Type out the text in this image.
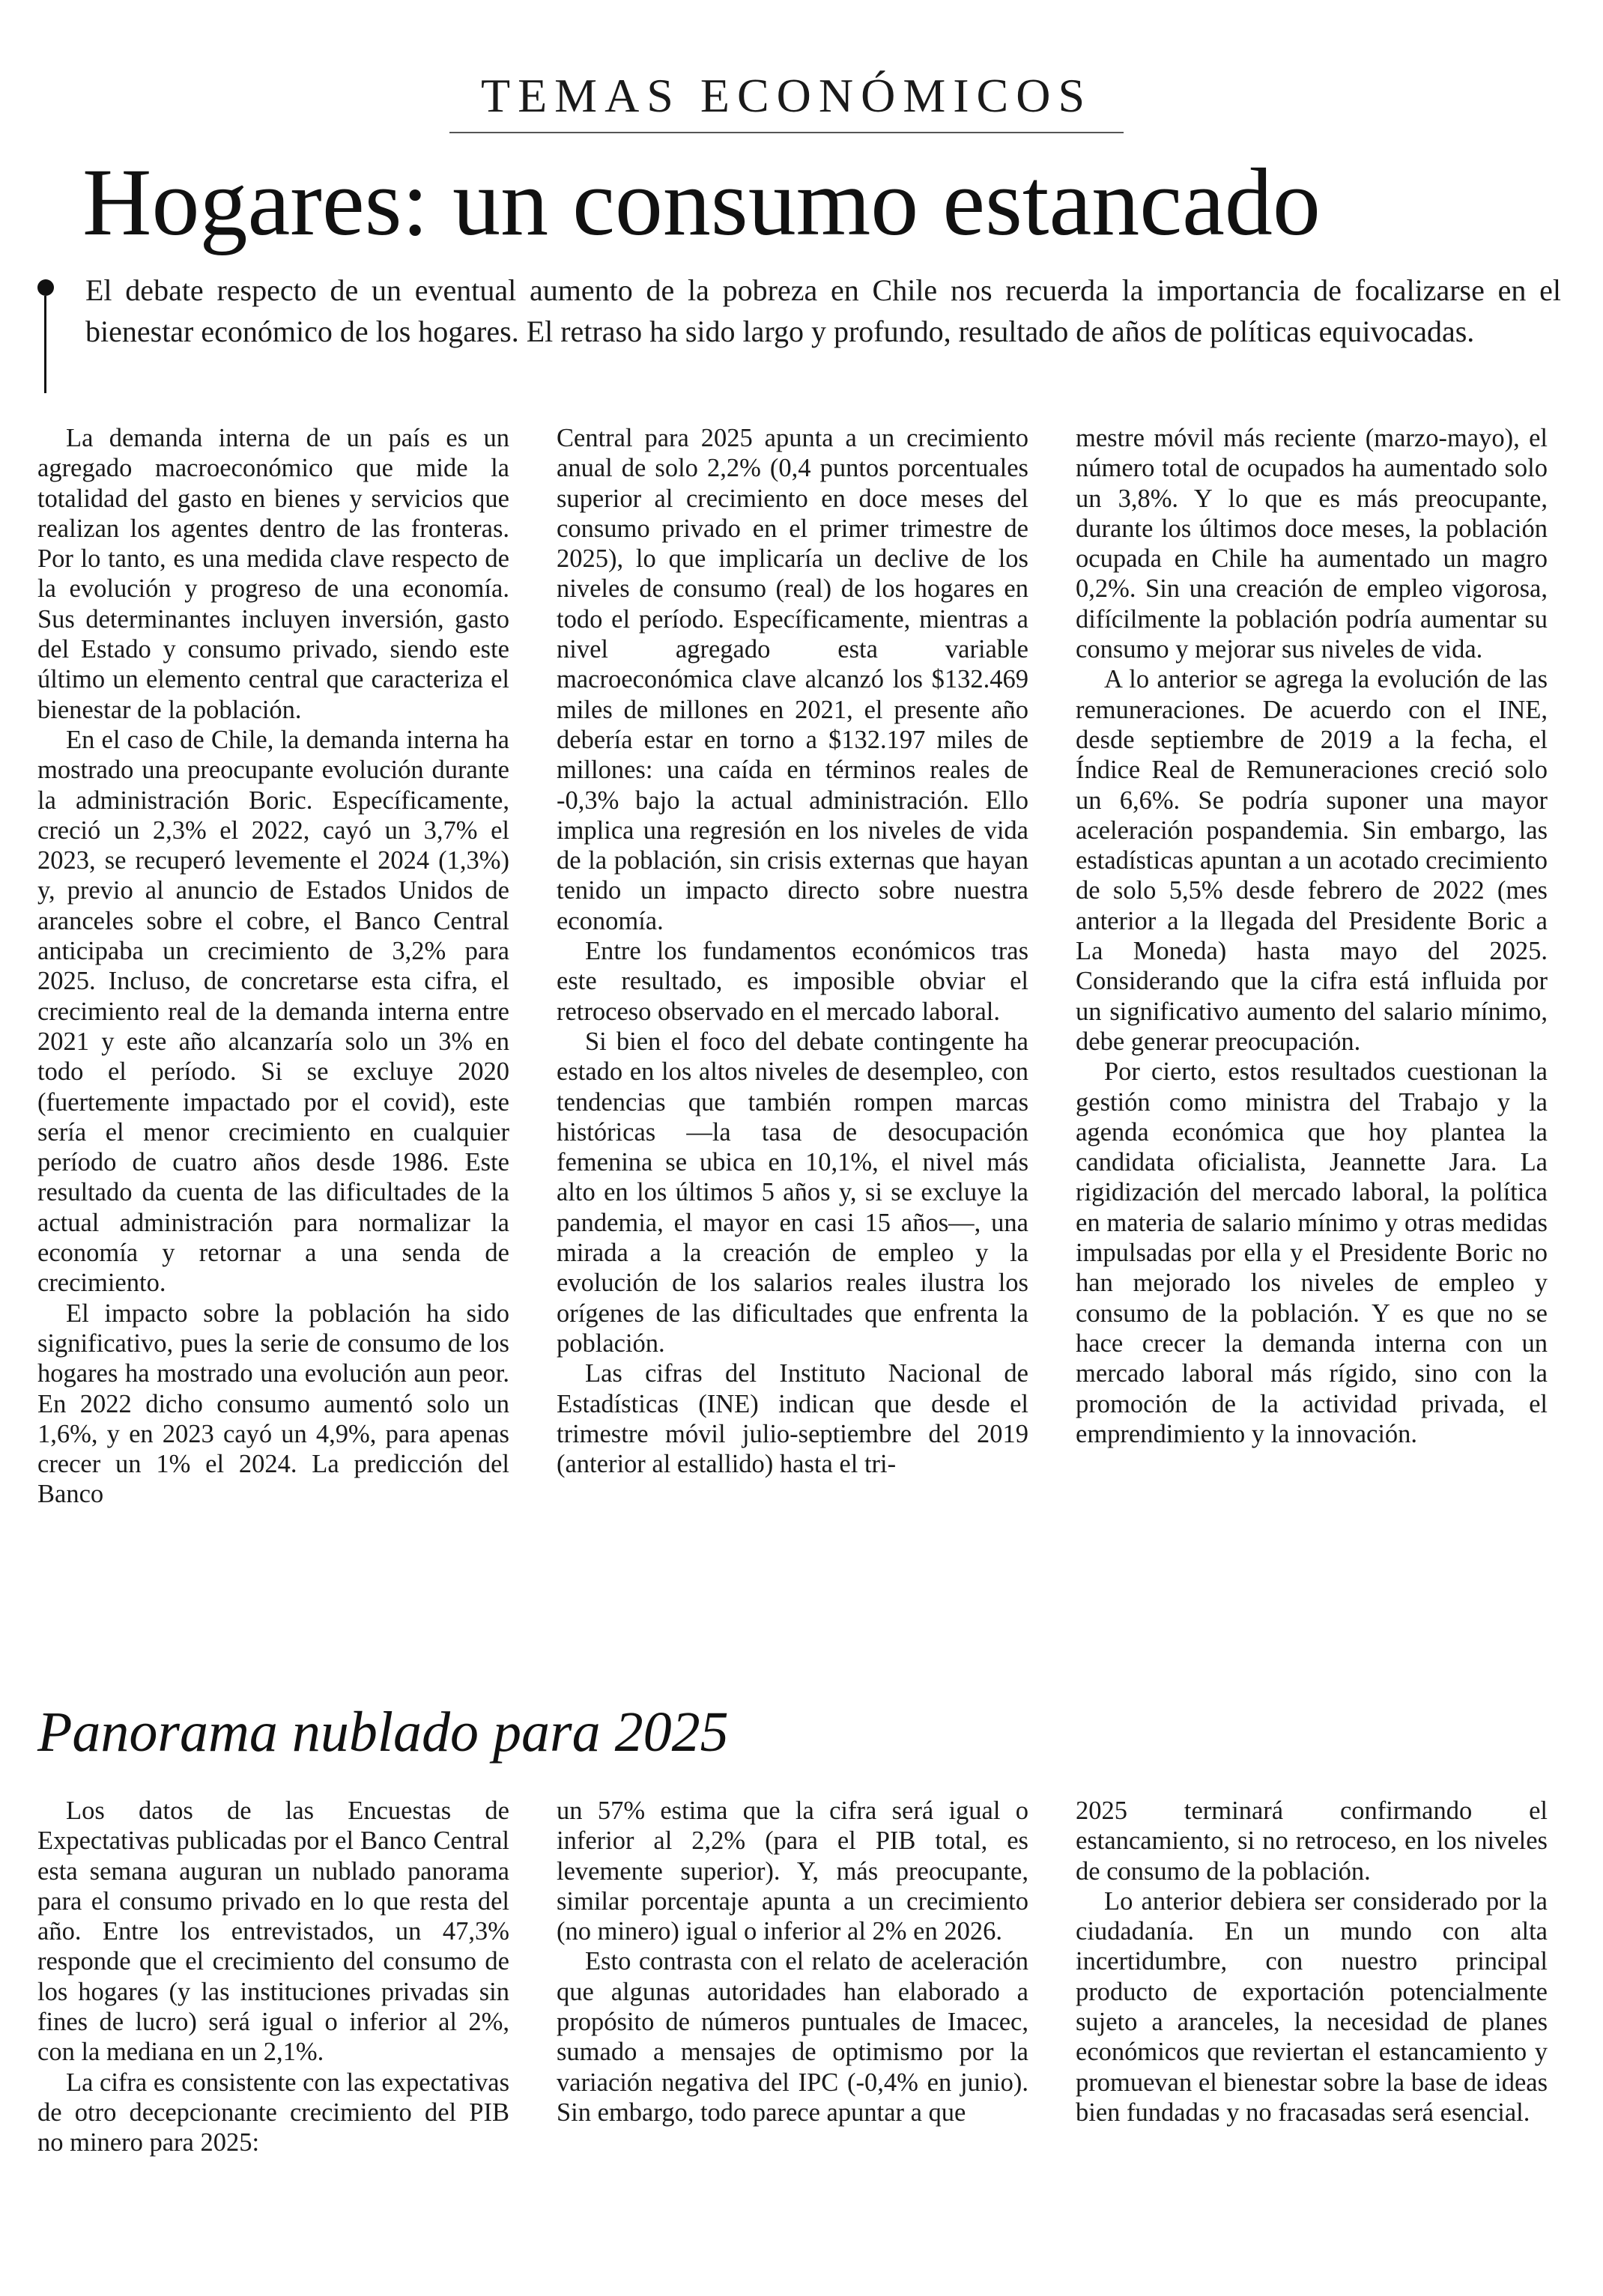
TEMAS ECONÓMICOS
Hogares: un consumo estancado

El debate respecto de un eventual aumento de la pobreza en Chile nos recuerda la importancia de focalizarse en el bienestar económico de los hogares. El retraso ha sido largo y profundo, resultado de años de políticas equivocadas.

La demanda interna de un país es un agregado macroeconómico que mide la totalidad del gasto en bienes y servicios que realizan los agentes dentro de las fronteras. Por lo tanto, es una medida clave respecto de la evolución y progreso de una economía. Sus determinantes incluyen inversión, gasto del Estado y consumo privado, siendo este último un elemento central que caracteriza el bienestar de la población.

En el caso de Chile, la demanda interna ha mostrado una preocupante evolución durante la administración Boric. Específicamente, creció un 2,3% el 2022, cayó un 3,7% el 2023, se recuperó levemente el 2024 (1,3%) y, previo al anuncio de Estados Unidos de aranceles sobre el cobre, el Banco Central anticipaba un crecimiento de 3,2% para 2025. Incluso, de concretarse esta cifra, el crecimiento real de la demanda interna entre 2021 y este año alcanzaría solo un 3% en todo el período. Si se excluye 2020 (fuertemente impactado por el covid), este sería el menor crecimiento en cualquier período de cuatro años desde 1986. Este resultado da cuenta de las dificultades de la actual administración para normalizar la economía y retornar a una senda de crecimiento.

El impacto sobre la población ha sido significativo, pues la serie de consumo de los hogares ha mostrado una evolución aun peor. En 2022 dicho consumo aumentó solo un 1,6%, y en 2023 cayó un 4,9%, para apenas crecer un 1% el 2024. La predicción del Banco

Central para 2025 apunta a un crecimiento anual de solo 2,2% (0,4 puntos porcentuales superior al crecimiento en doce meses del consumo privado en el primer trimestre de 2025), lo que implicaría un declive de los niveles de consumo (real) de los hogares en todo el período. Específicamente, mientras a nivel agregado esta variable macroeconómica clave alcanzó los $132.469 miles de millones en 2021, el presente año debería estar en torno a $132.197 miles de millones: una caída en términos reales de -0,3% bajo la actual administración. Ello implica una regresión en los niveles de vida de la población, sin crisis externas que hayan tenido un impacto directo sobre nuestra economía.

Entre los fundamentos económicos tras este resultado, es imposible obviar el retroceso observado en el mercado laboral.

Si bien el foco del debate contingente ha estado en los altos niveles de desempleo, con tendencias que también rompen marcas históricas —la tasa de desocupación femenina se ubica en 10,1%, el nivel más alto en los últimos 5 años y, si se excluye la pandemia, el mayor en casi 15 años—, una mirada a la creación de empleo y la evolución de los salarios reales ilustra los orígenes de las dificultades que enfrenta la población.

Las cifras del Instituto Nacional de Estadísticas (INE) indican que desde el trimestre móvil julio-septiembre del 2019 (anterior al estallido) hasta el tri-

mestre móvil más reciente (marzo-mayo), el número total de ocupados ha aumentado solo un 3,8%. Y lo que es más preocupante, durante los últimos doce meses, la población ocupada en Chile ha aumentado un magro 0,2%. Sin una creación de empleo vigorosa, difícilmente la población podría aumentar su consumo y mejorar sus niveles de vida.

A lo anterior se agrega la evolución de las remuneraciones. De acuerdo con el INE, desde septiembre de 2019 a la fecha, el Índice Real de Remuneraciones creció solo un 6,6%. Se podría suponer una mayor aceleración pospandemia. Sin embargo, las estadísticas apuntan a un acotado crecimiento de solo 5,5% desde febrero de 2022 (mes anterior a la llegada del Presidente Boric a La Moneda) hasta mayo del 2025. Considerando que la cifra está influida por un significativo aumento del salario mínimo, debe generar preocupación.

Por cierto, estos resultados cuestionan la gestión como ministra del Trabajo y la agenda económica que hoy plantea la candidata oficialista, Jeannette Jara. La rigidización del mercado laboral, la política en materia de salario mínimo y otras medidas impulsadas por ella y el Presidente Boric no han mejorado los niveles de empleo y consumo de la población. Y es que no se hace crecer la demanda interna con un mercado laboral más rígido, sino con la promoción de la actividad privada, el emprendimiento y la innovación.

Panorama nublado para 2025

Los datos de las Encuestas de Expectativas publicadas por el Banco Central esta semana auguran un nublado panorama para el consumo privado en lo que resta del año. Entre los entrevistados, un 47,3% responde que el crecimiento del consumo de los hogares (y las instituciones privadas sin fines de lucro) será igual o inferior al 2%, con la mediana en un 2,1%.

La cifra es consistente con las expectativas de otro decepcionante crecimiento del PIB no minero para 2025:

un 57% estima que la cifra será igual o inferior al 2,2% (para el PIB total, es levemente superior). Y, más preocupante, similar porcentaje apunta a un crecimiento (no minero) igual o inferior al 2% en 2026.

Esto contrasta con el relato de aceleración que algunas autoridades han elaborado a propósito de números puntuales de Imacec, sumado a mensajes de optimismo por la variación negativa del IPC (-0,4% en junio). Sin embargo, todo parece apuntar a que

2025 terminará confirmando el estancamiento, si no retroceso, en los niveles de consumo de la población.

Lo anterior debiera ser considerado por la ciudadanía. En un mundo con alta incertidumbre, con nuestro principal producto de exportación potencialmente sujeto a aranceles, la necesidad de planes económicos que reviertan el estancamiento y promuevan el bienestar sobre la base de ideas bien fundadas y no fracasadas será esencial.
